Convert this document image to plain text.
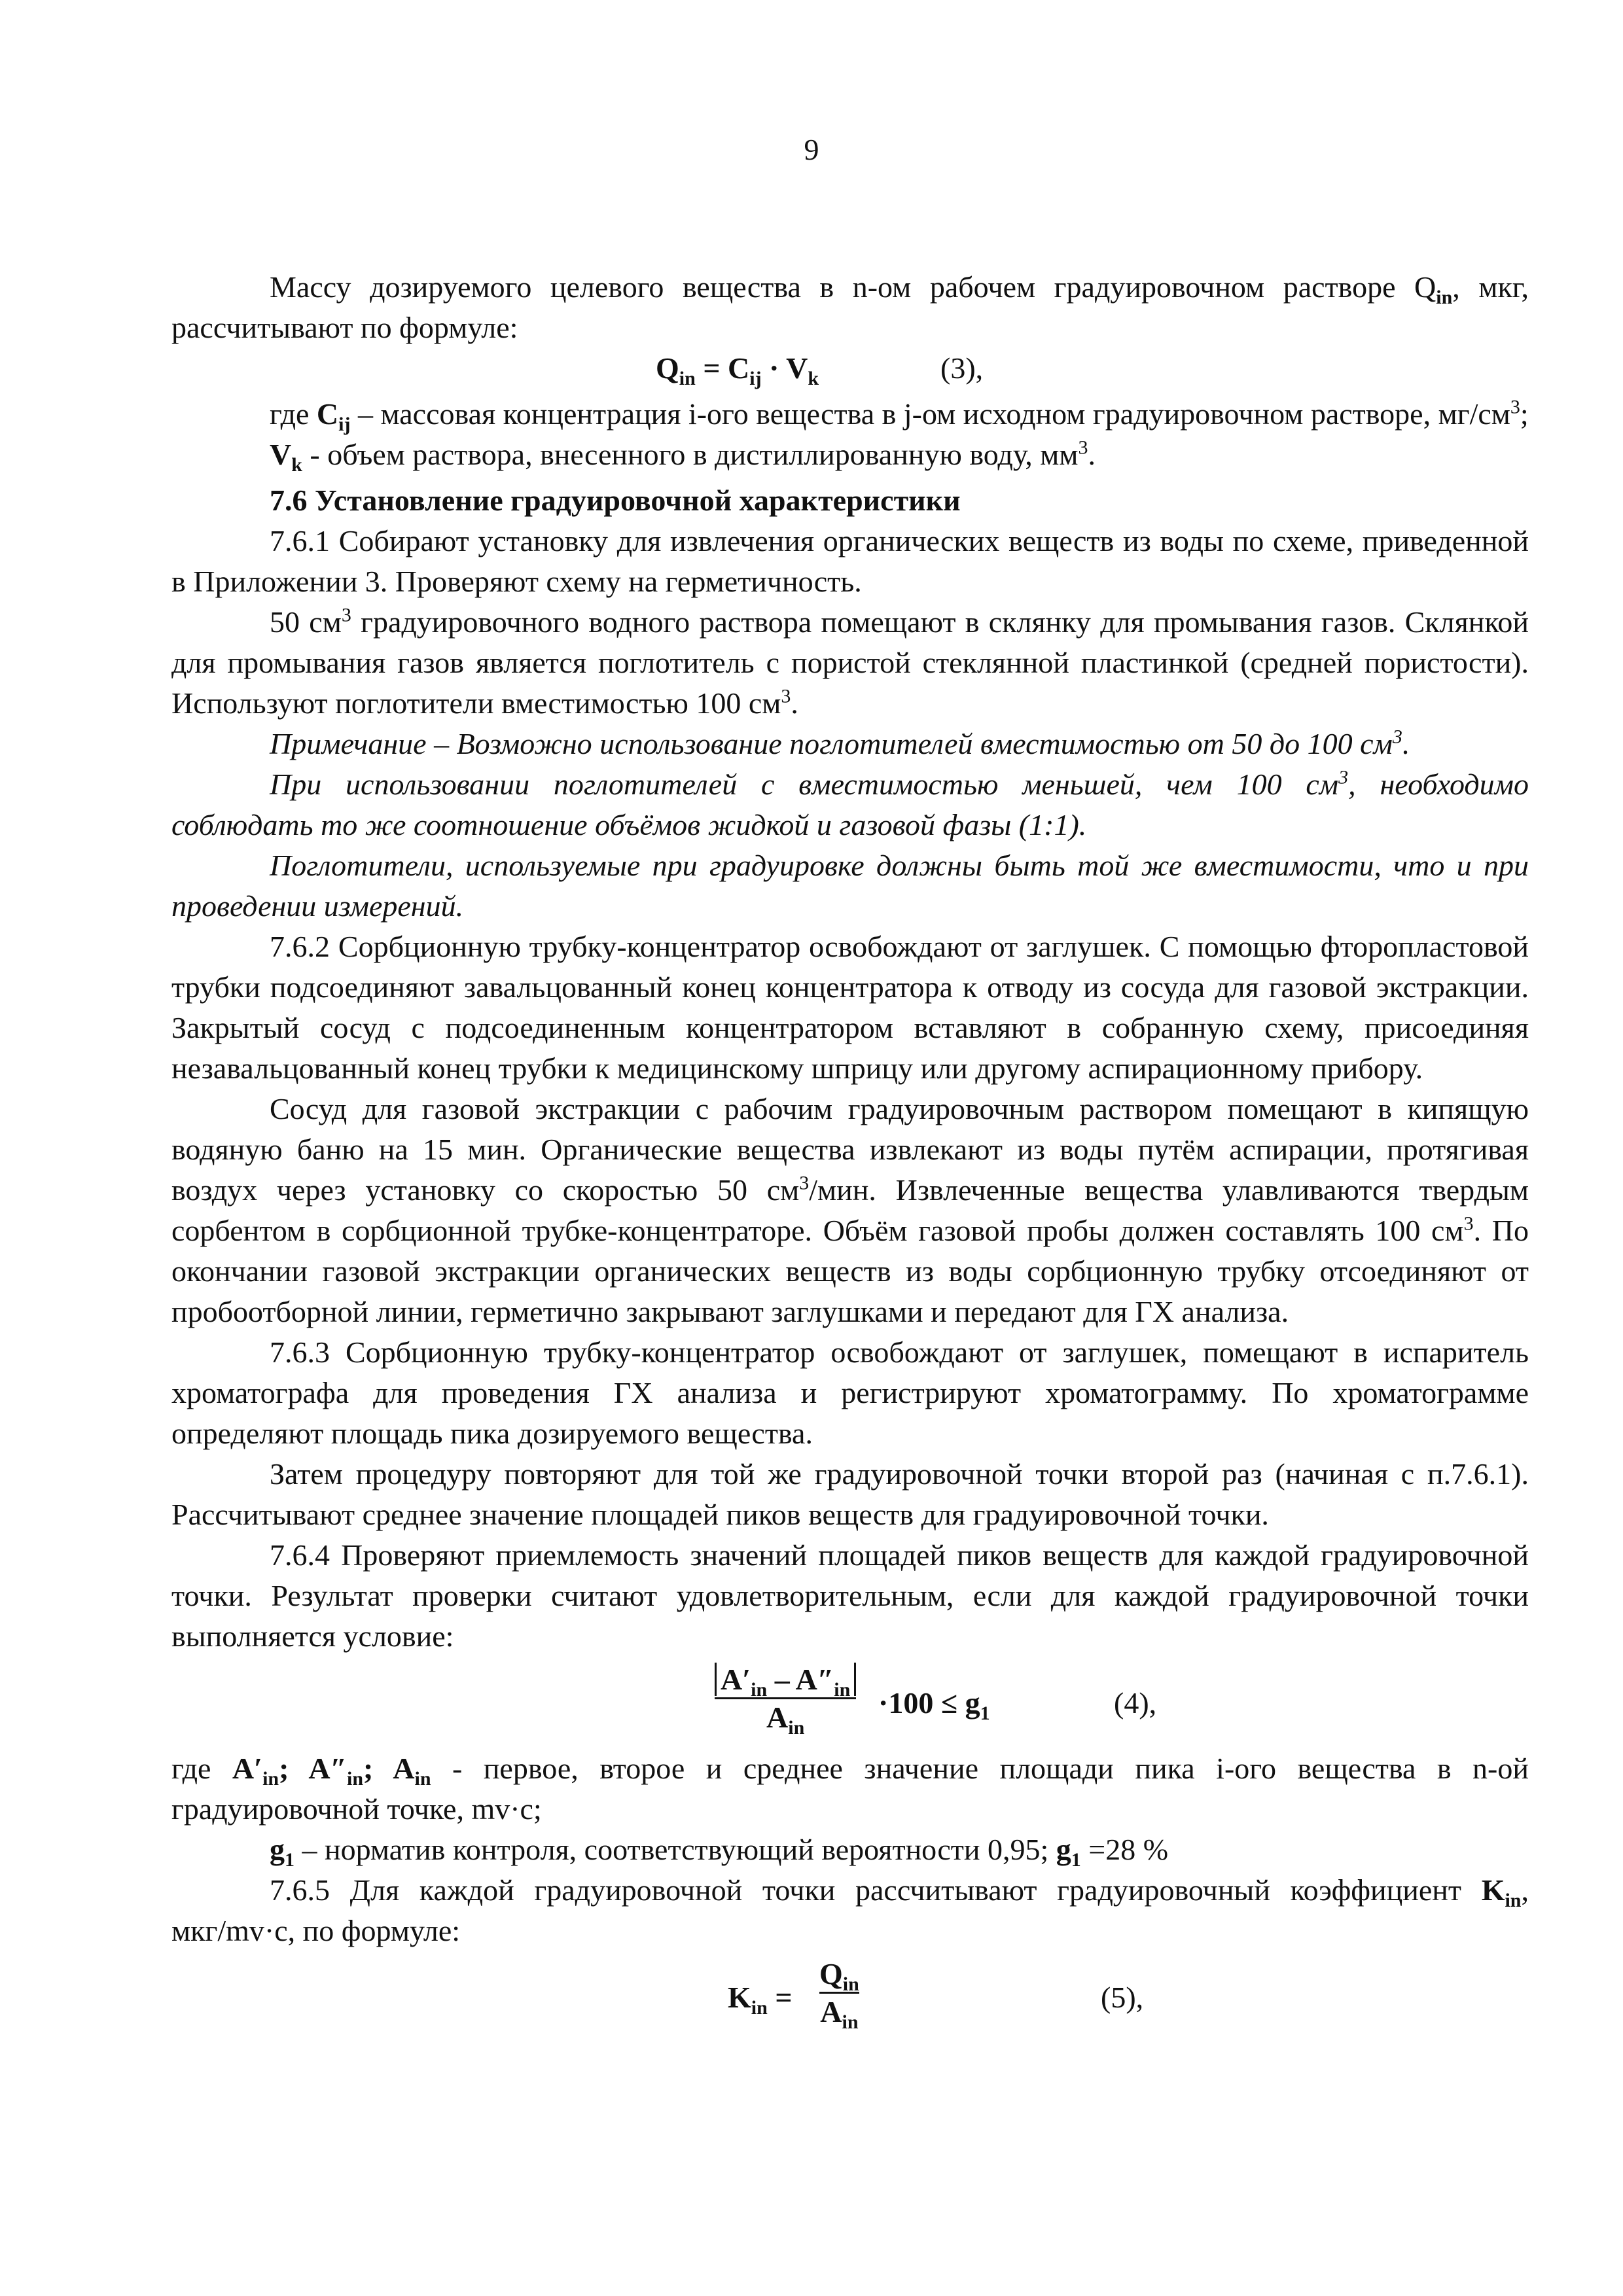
9

Массу дозируемого целевого вещества в n-ом рабочем градуировочном растворе $Q_{in}$, мкг, рассчитывают по формуле:

$Q_{in} = C_{ij} \cdot V_k$	(3),

где $C_{ij}$ – массовая концентрация i-ого вещества в j-ом исходном градуировочном растворе, $мг/см^3$;

$V_k$ - объем раствора, внесенного в дистиллированную воду, $мм^3$.

7.6 Установление градуировочной характеристики

7.6.1 Собирают установку для извлечения органических веществ из воды по схеме, приведенной в Приложении 3. Проверяют схему на герметичность.

50 $см^3$ градуировочного водного раствора помещают в склянку для промывания газов. Склянкой для промывания газов является поглотитель с пористой стеклянной пластинкой (средней пористости). Используют поглотители вместимостью 100 $см^3$.

Примечание – Возможно использование поглотителей вместимостью от 50 до 100 $см^3$.

При использовании поглотителей с вместимостью меньшей, чем 100 $см^3$, необходимо соблюдать то же соотношение объёмов жидкой и газовой фазы (1:1).

Поглотители, используемые при градуировке должны быть той же вместимости, что и при проведении измерений.

7.6.2 Сорбционную трубку-концентратор освобождают от заглушек. С помощью фторопластовой трубки подсоединяют завальцованный конец концентратора к отводу из сосуда для газовой экстракции. Закрытый сосуд с подсоединенным концентратором вставляют в собранную схему, присоединяя незавальцованный конец трубки к медицинскому шприцу или другому аспирационному прибору.

Сосуд для газовой экстракции с рабочим градуировочным раствором помещают в кипящую водяную баню на 15 мин. Органические вещества извлекают из воды путём аспирации, протягивая воздух через установку со скоростью 50 $см^3$/мин. Извлеченные вещества улавливаются твердым сорбентом в сорбционной трубке-концентраторе. Объём газовой пробы должен составлять 100 $см^3$. По окончании газовой экстракции органических веществ из воды сорбционную трубку отсоединяют от пробоотборной линии, герметично закрывают заглушками и передают для ГХ анализа.

7.6.3 Сорбционную трубку-концентратор освобождают от заглушек, помещают в испаритель хроматографа для проведения ГХ анализа и регистрируют хроматограмму. По хроматограмме определяют площадь пика дозируемого вещества.

Затем процедуру повторяют для той же градуировочной точки второй раз (начиная с п.7.6.1). Рассчитывают среднее значение площадей пиков веществ для градуировочной точки.

7.6.4 Проверяют приемлемость значений площадей пиков веществ для каждой градуировочной точки. Результат проверки считают удовлетворительным, если для каждой градуировочной точки выполняется условие:

$A'_{in} - A''_{in}$
$A_{in}$
$\cdot 100 \le g_1$	(4),

где $A'_{in}$; $A''_{in}$; $A_{in}$ - первое, второе и среднее значение площади пика i-ого вещества в n-ой градуировочной точке, mv·c;

$g_1$ – норматив контроля, соответствующий вероятности 0,95; $g_1 =28$ %

7.6.5 Для каждой градуировочной точки рассчитывают градуировочный коэффициент $K_{in}$, мкг/mv·c, по формуле:

$K_{in}$ =
$Q_{in}$
$A_{in}$
(5),
